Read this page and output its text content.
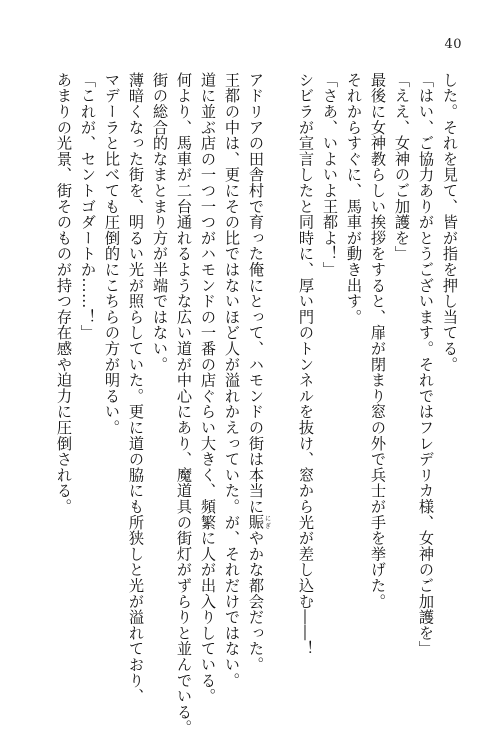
40
した。それを見て、皆が指を押し当てる。
「はい、ご協力ありがとうございます。それではフレデリカ様、女神のご加護を」
「ええ、女神のご加護を」
最後に女神教らしい挨拶をすると、扉が閉まり窓の外で兵士が手を挙げた。
それからすぐに、馬車が動き出す。
「さあ、いよいよ王都よ！」
シビラが宣言したと同時に、厚い門のトンネルを抜け、窓から光が差し込む――！
アドリアの田舎村で育った俺にとって、ハモンドの街は本当に賑にぎやかな都会だった。
王都の中は、更にその比ではないほど人が溢れかえっていた。が、それだけではない。
道に並ぶ店の一つ一つがハモンドの一番の店ぐらい大きく、頻繁に人が出入りしている。
何より、馬車が二台通れるような広い道が中心にあり、魔道具の街灯がずらりと並んでいる。
街の総合的なまとまり方が半端ではない。
薄暗くなった街を、明るい光が照らしていた。更に道の脇にも所狭しと光が溢れており、
マデーラと比べても圧倒的にこちらの方が明るい。
「これが、セントゴダートか……！」
あまりの光景、街そのものが持つ存在感や迫力に圧倒される。
